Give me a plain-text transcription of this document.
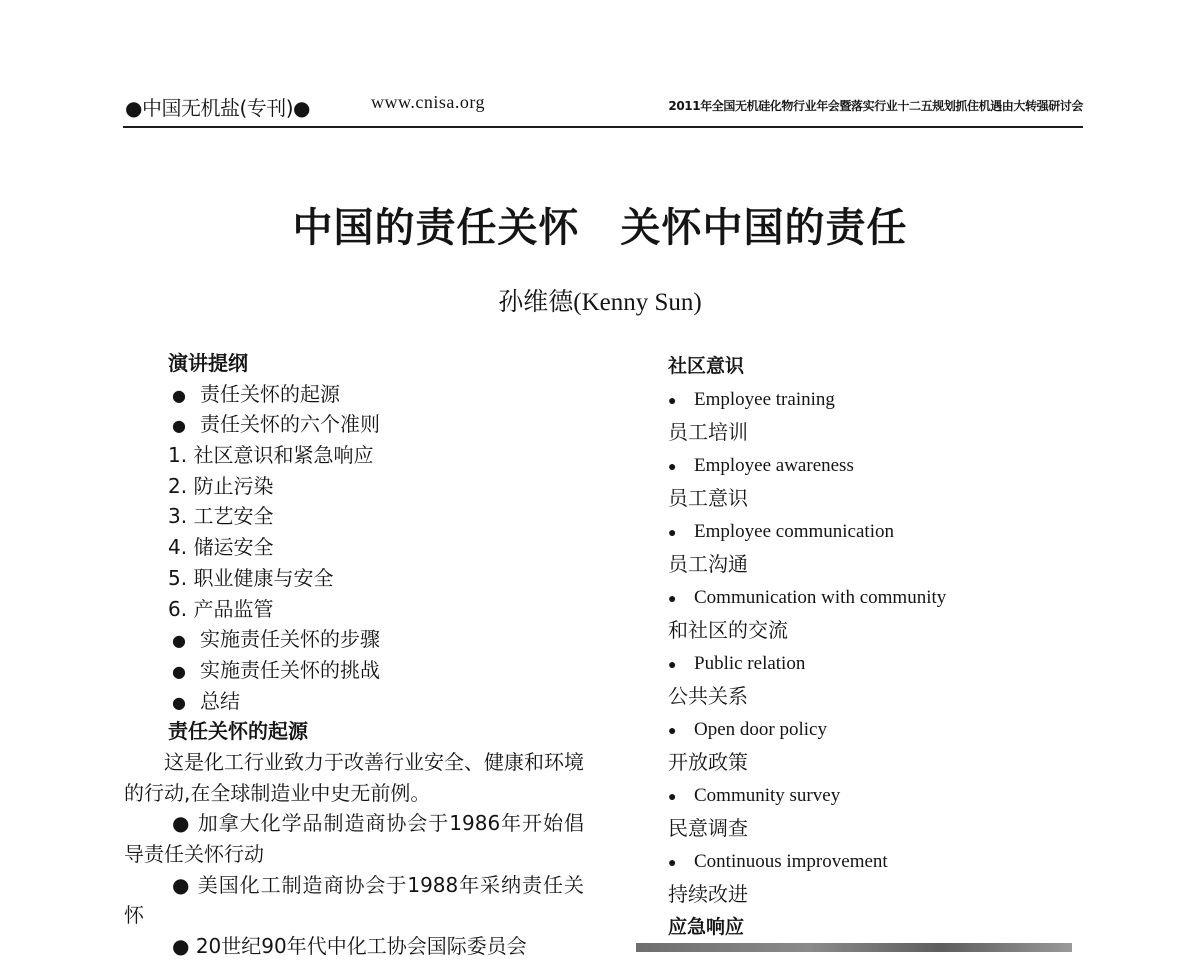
●中国无机盐(专刊)●	www.cnisa.org	2011年全国无机硅化物行业年会暨落实行业十二五规划抓住机遇由大转强研讨会
中国的责任关怀　关怀中国的责任
孙维德(Kenny Sun)
演讲提纲
● 责任关怀的起源
● 责任关怀的六个准则
1. 社区意识和紧急响应
2. 防止污染
3. 工艺安全
4. 储运安全
5. 职业健康与安全
6. 产品监管
● 实施责任关怀的步骤
● 实施责任关怀的挑战
● 总结
责任关怀的起源
这是化工行业致力于改善行业安全、健康和环境的行动,在全球制造业中史无前例。
● 加拿大化学品制造商协会于1986年开始倡导责任关怀行动
● 美国化工制造商协会于1988年采纳责任关怀
● 20世纪90年代中化工协会国际委员会
社区意识
● Employee training
员工培训
● Employee awareness
员工意识
● Employee communication
员工沟通
● Communication with community
和社区的交流
● Public relation
公共关系
● Open door policy
开放政策
● Community survey
民意调查
● Continuous improvement
持续改进
应急响应
